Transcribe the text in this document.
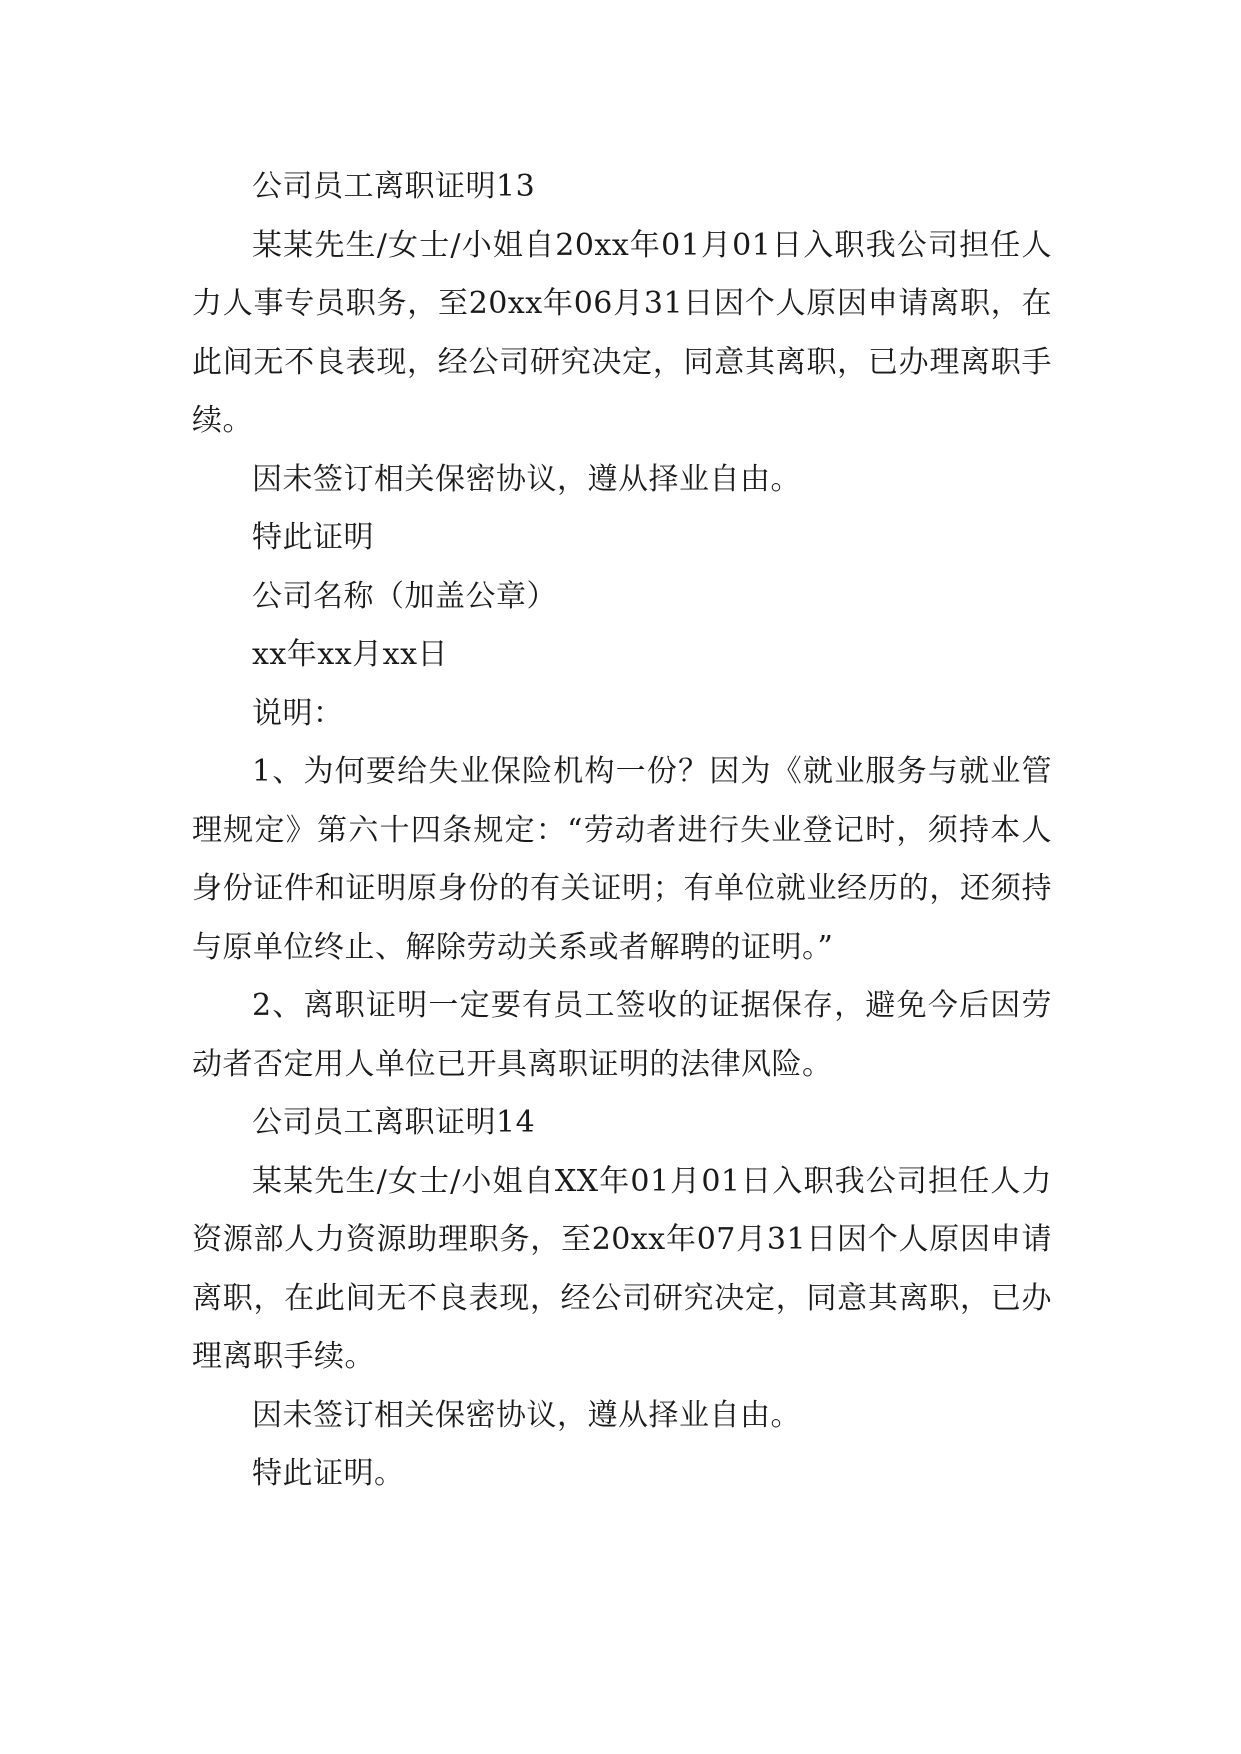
公司员工离职证明13

某某先生/女士/小姐自20xx年01月01日入职我公司担任人力人事专员职务，至20xx年06月31日因个人原因申请离职，在此间无不良表现，经公司研究决定，同意其离职，已办理离职手续。

因未签订相关保密协议，遵从择业自由。

特此证明

公司名称（加盖公章）

xx年xx月xx日

说明：

1、为何要给失业保险机构一份？因为《就业服务与就业管理规定》第六十四条规定：“劳动者进行失业登记时，须持本人身份证件和证明原身份的有关证明；有单位就业经历的，还须持与原单位终止、解除劳动关系或者解聘的证明。”

2、离职证明一定要有员工签收的证据保存，避免今后因劳动者否定用人单位已开具离职证明的法律风险。

公司员工离职证明14

某某先生/女士/小姐自XX年01月01日入职我公司担任人力资源部人力资源助理职务，至20xx年07月31日因个人原因申请离职，在此间无不良表现，经公司研究决定，同意其离职，已办理离职手续。

因未签订相关保密协议，遵从择业自由。

特此证明。
